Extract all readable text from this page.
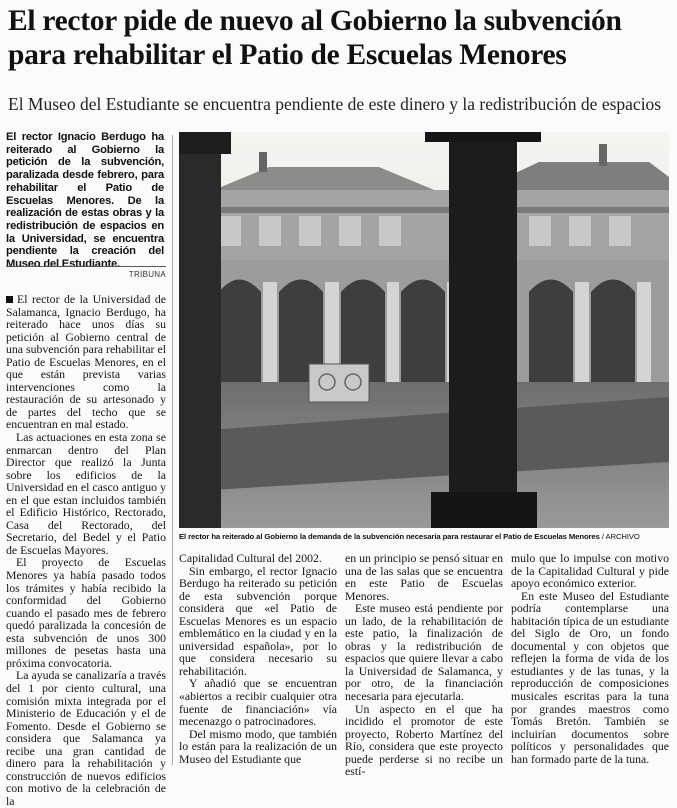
El rector pide de nuevo al Gobierno la subvención para rehabilitar el Patio de Escuelas Menores
El Museo del Estudiante se encuentra pendiente de este dinero y la redistribución de espacios
El rector Ignacio Berdugo ha reiterado al Gobierno la petición de la subvención, paralizada desde febrero, para rehabilitar el Patio de Escuelas Menores. De la realización de estas obras y la redistribución de espacios en la Universidad, se encuentra pendiente la creación del Museo del Estudiante.
TRIBUNA

El rector de la Universidad de Salamanca, Ignacio Berdugo, ha reiterado hace unos días su petición al Gobierno central de una subvención para rehabilitar el Patio de Escuelas Menores, en el que están prevista varias intervenciones como la restauración de su artesonado y de partes del techo que se encuentran en mal estado.

Las actuaciones en esta zona se enmarcan dentro del Plan Director que realizó la Junta sobre los edificios de la Universidad en el casco antiguo y en el que estan incluidos también el Edificio Histórico, Rectorado, Casa del Rectorado, del Secretario, del Bedel y el Patio de Escuelas Mayores.

El proyecto de Escuelas Menores ya había pasado todos los trámites y había recibido la conformidad del Gobierno cuando el pasado mes de febrero quedó paralizada la concesión de esta subvención de unos 300 millones de pesetas hasta una próxima convocatoria.

La ayuda se canalizaría a través del 1 por ciento cultural, una comisión mixta integrada por el Ministerio de Educación y el de Fomento. Desde el Gobierno se considera que Salamanca ya recibe una gran cantidad de dinero para la rehabilitación y construcción de nuevos edificios con motivo de la celebración de la

El rector ha reiterado al Gobierno la demanda de la subvención necesaria para restaurar el Patio de Escuelas Menores / ARCHIVO

Capitalidad Cultural del 2002.

Sin embargo, el rector Ignacio Berdugo ha reiterado su petición de esta subvención porque considera que «el Patio de Escuelas Menores es un espacio emblemático en la ciudad y en la universidad española», por lo que considera necesario su rehabilitación.

Y añadió que se encuentran «abiertos a recibir cualquier otra fuente de financiación» vía mecenazgo o patrocinadores.

Del mismo modo, que también lo están para la realización de un Museo del Estudiante que

en un principio se pensó situar en una de las salas que se encuentra en este Patio de Escuelas Menores.

Este museo está pendiente por un lado, de la rehabilitación de este patio, la finalización de obras y la redistribución de espacios que quiere llevar a cabo la Universidad de Salamanca, y por otro, de la financiación necesaria para ejecutarla.

Un aspecto en el que ha incidido el promotor de este proyecto, Roberto Martínez del Río, considera que este proyecto puede perderse si no recibe un estí-

mulo que lo impulse con motivo de la Capitalidad Cultural y pide apoyo económico exterior.

En este Museo del Estudiante podría contemplarse una habitación típica de un estudiante del Siglo de Oro, un fondo documental y con objetos que reflejen la forma de vida de los estudiantes y de las tunas, y la reproducción de composiciones musicales escritas para la tuna por grandes maestros como Tomás Bretón. También se incluirían documentos sobre políticos y personalidades que han formado parte de la tuna.
